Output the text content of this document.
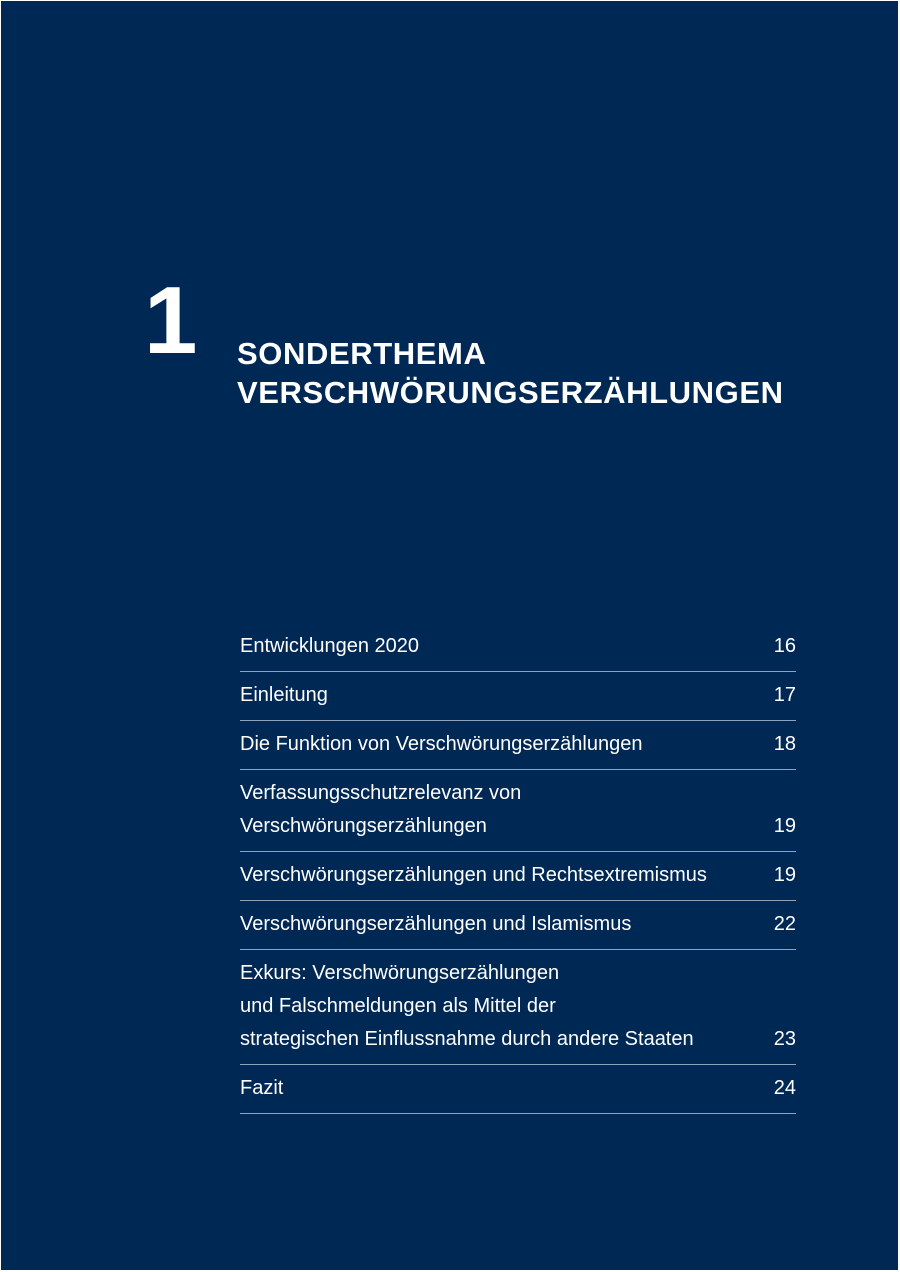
1 SONDERTHEMA
VERSCHWÖRUNGSERZÄHLUNGEN
Entwicklungen 2020	16
Einleitung	17
Die Funktion von Verschwörungserzählungen	18
Verfassungsschutzrelevanz von
Verschwörungserzählungen	19
Verschwörungserzählungen und Rechtsextremismus	19
Verschwörungserzählungen und Islamismus	22
Exkurs: Verschwörungserzählungen
und Falschmeldungen als Mittel der
strategischen Einflussnahme durch andere Staaten	23
Fazit	24
